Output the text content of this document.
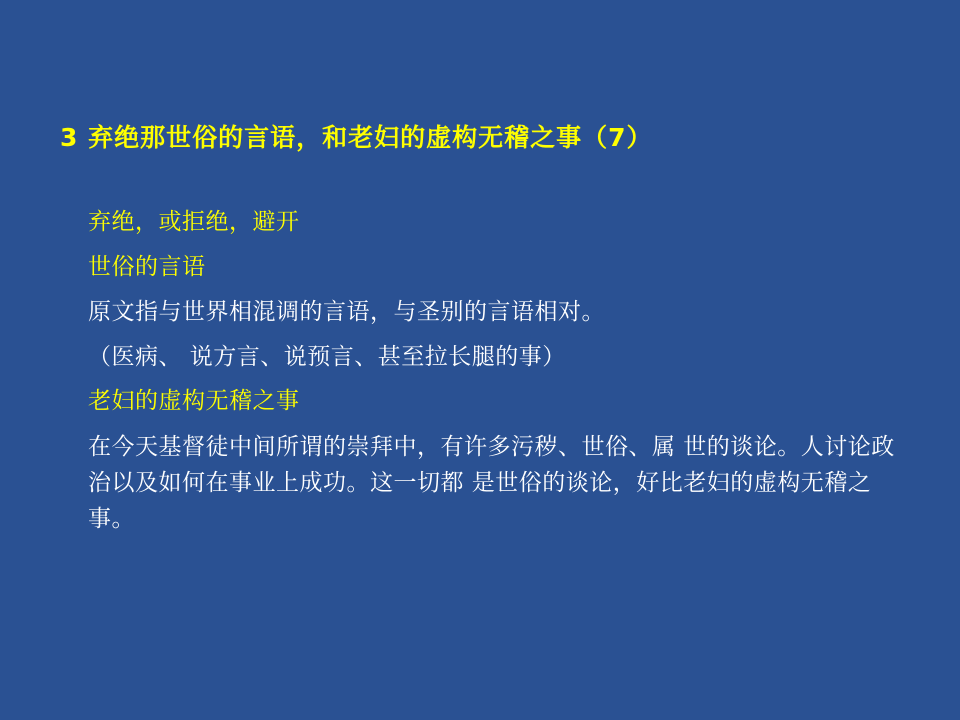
3 弃绝那世俗的言语，和老妇的虚构无稽之事（7）
弃绝，或拒绝，避开
世俗的言语
原文指与世界相混调的言语，与圣别的言语相对。
（医病、 说方言、说预言、甚至拉长腿的事）
老妇的虚构无稽之事
在今天基督徒中间所谓的崇拜中，有许多污秽、世俗、属 世的谈论。人讨论政治以及如何在事业上成功。这一切都 是世俗的谈论，好比老妇的虚构无稽之事。
